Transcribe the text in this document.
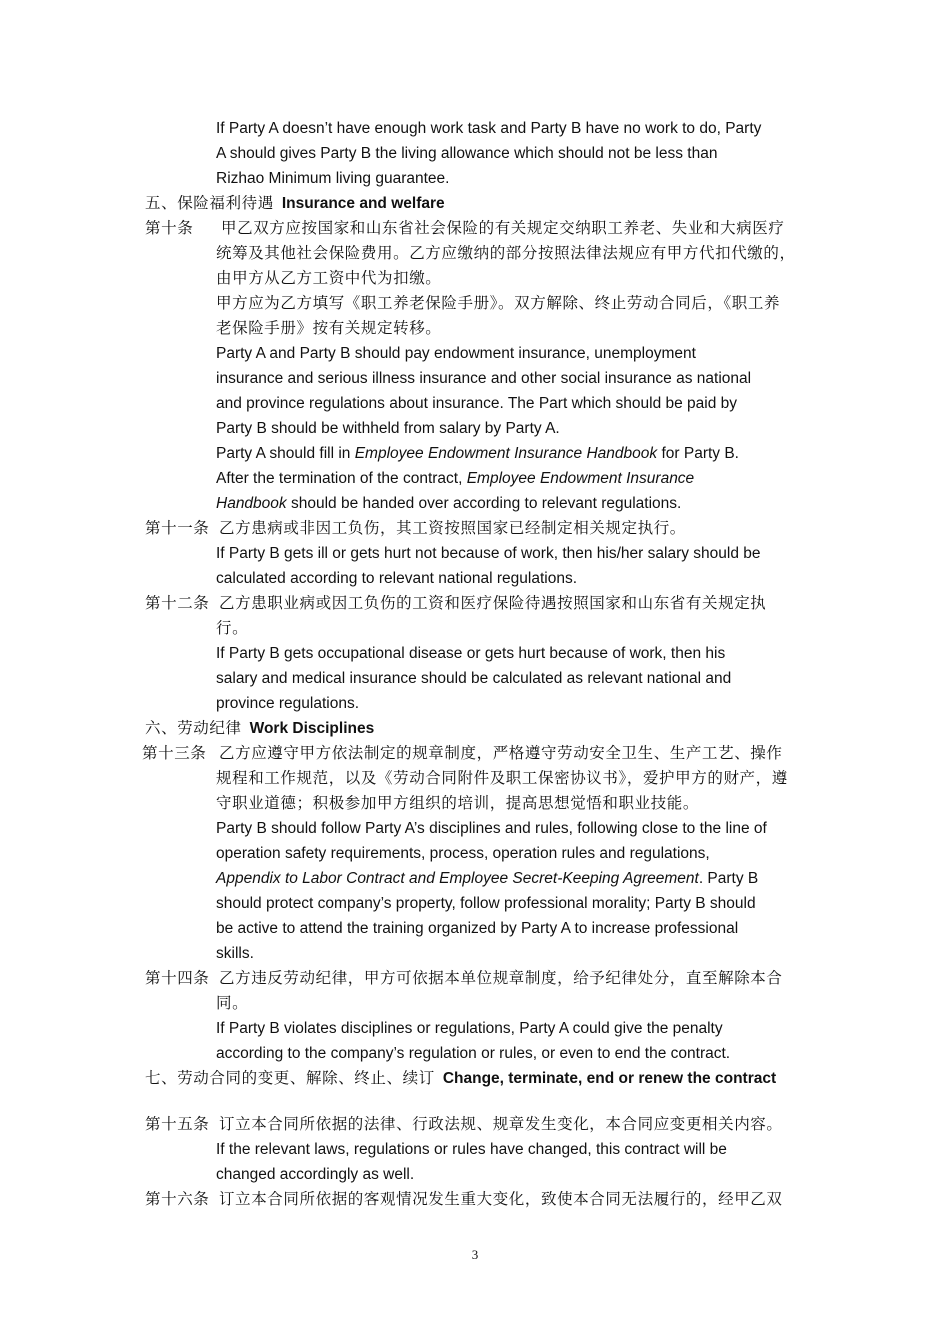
If Party A doesn’t have enough work task and Party B have no work to do, Party
A should gives Party B the living allowance which should not be less than
Rizhao Minimum living guarantee.
五、保险福利待遇 Insurance and welfare
第十条 甲乙双方应按国家和山东省社会保险的有关规定交纳职工养老、失业和大病医疗
统筹及其他社会保险费用。乙方应缴纳的部分按照法律法规应有甲方代扣代缴的，
由甲方从乙方工资中代为扣缴。
甲方应为乙方填写《职工养老保险手册》。双方解除、终止劳动合同后，《职工养
老保险手册》按有关规定转移。
Party A and Party B should pay endowment insurance, unemployment
insurance and serious illness insurance and other social insurance as national
and province regulations about insurance. The Part which should be paid by
Party B should be withheld from salary by Party A.
Party A should fill in Employee Endowment Insurance Handbook for Party B.
After the termination of the contract, Employee Endowment Insurance
Handbook should be handed over according to relevant regulations.
第十一条 乙方患病或非因工负伤，其工资按照国家已经制定相关规定执行。
If Party B gets ill or gets hurt not because of work, then his/her salary should be
calculated according to relevant national regulations.
第十二条 乙方患职业病或因工负伤的工资和医疗保险待遇按照国家和山东省有关规定执
行。
If Party B gets occupational disease or gets hurt because of work, then his
salary and medical insurance should be calculated as relevant national and
province regulations.
六、劳动纪律 Work Disciplines
第十三条 乙方应遵守甲方依法制定的规章制度，严格遵守劳动安全卫生、生产工艺、操作
规程和工作规范，以及《劳动合同附件及职工保密协议书》，爱护甲方的财产，遵
守职业道德；积极参加甲方组织的培训，提高思想觉悟和职业技能。
Party B should follow Party A’s disciplines and rules, following close to the line of
operation safety requirements, process, operation rules and regulations,
Appendix to Labor Contract and Employee Secret-Keeping Agreement. Party B
should protect company’s property, follow professional morality; Party B should
be active to attend the training organized by Party A to increase professional
skills.
第十四条 乙方违反劳动纪律，甲方可依据本单位规章制度，给予纪律处分，直至解除本合
同。
If Party B violates disciplines or regulations, Party A could give the penalty
according to the company’s regulation or rules, or even to end the contract.
七、劳动合同的变更、解除、终止、续订 Change, terminate, end or renew the contract
第十五条 订立本合同所依据的法律、行政法规、规章发生变化，本合同应变更相关内容。
If the relevant laws, regulations or rules have changed, this contract will be
changed accordingly as well.
第十六条 订立本合同所依据的客观情况发生重大变化，致使本合同无法履行的，经甲乙双
3
